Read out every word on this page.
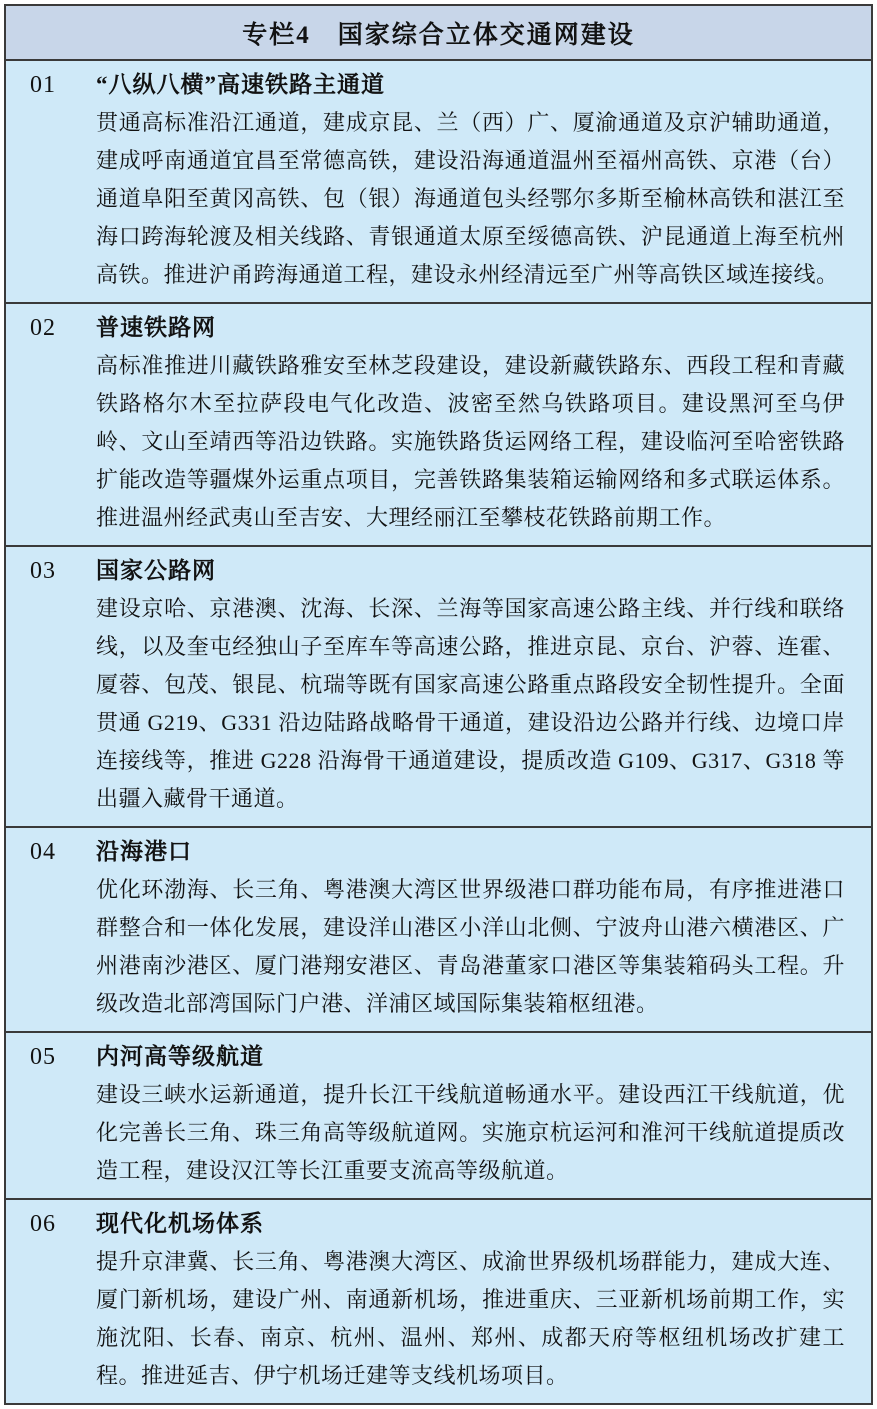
专栏4　国家综合立体交通网建设
01	“八纵八横”高速铁路主通道
贯通高标准沿江通道，建成京昆、兰（西）广、厦渝通道及京沪辅助通道，建成呼南通道宜昌至常德高铁，建设沿海通道温州至福州高铁、京港（台）通道阜阳至黄冈高铁、包（银）海通道包头经鄂尔多斯至榆林高铁和湛江至海口跨海轮渡及相关线路、青银通道太原至绥德高铁、沪昆通道上海至杭州高铁。推进沪甬跨海通道工程，建设永州经清远至广州等高铁区域连接线。
02	普速铁路网
高标准推进川藏铁路雅安至林芝段建设，建设新藏铁路东、西段工程和青藏铁路格尔木至拉萨段电气化改造、波密至然乌铁路项目。建设黑河至乌伊岭、文山至靖西等沿边铁路。实施铁路货运网络工程，建设临河至哈密铁路扩能改造等疆煤外运重点项目，完善铁路集装箱运输网络和多式联运体系。推进温州经武夷山至吉安、大理经丽江至攀枝花铁路前期工作。
03	国家公路网
建设京哈、京港澳、沈海、长深、兰海等国家高速公路主线、并行线和联络线，以及奎屯经独山子至库车等高速公路，推进京昆、京台、沪蓉、连霍、厦蓉、包茂、银昆、杭瑞等既有国家高速公路重点路段安全韧性提升。全面贯通 G219、G331 沿边陆路战略骨干通道，建设沿边公路并行线、边境口岸连接线等，推进 G228 沿海骨干通道建设，提质改造 G109、G317、G318 等出疆入藏骨干通道。
04	沿海港口
优化环渤海、长三角、粤港澳大湾区世界级港口群功能布局，有序推进港口群整合和一体化发展，建设洋山港区小洋山北侧、宁波舟山港六横港区、广州港南沙港区、厦门港翔安港区、青岛港董家口港区等集装箱码头工程。升级改造北部湾国际门户港、洋浦区域国际集装箱枢纽港。
05	内河高等级航道
建设三峡水运新通道，提升长江干线航道畅通水平。建设西江干线航道，优化完善长三角、珠三角高等级航道网。实施京杭运河和淮河干线航道提质改造工程，建设汉江等长江重要支流高等级航道。
06	现代化机场体系
提升京津冀、长三角、粤港澳大湾区、成渝世界级机场群能力，建成大连、厦门新机场，建设广州、南通新机场，推进重庆、三亚新机场前期工作，实施沈阳、长春、南京、杭州、温州、郑州、成都天府等枢纽机场改扩建工程。推进延吉、伊宁机场迁建等支线机场项目。
